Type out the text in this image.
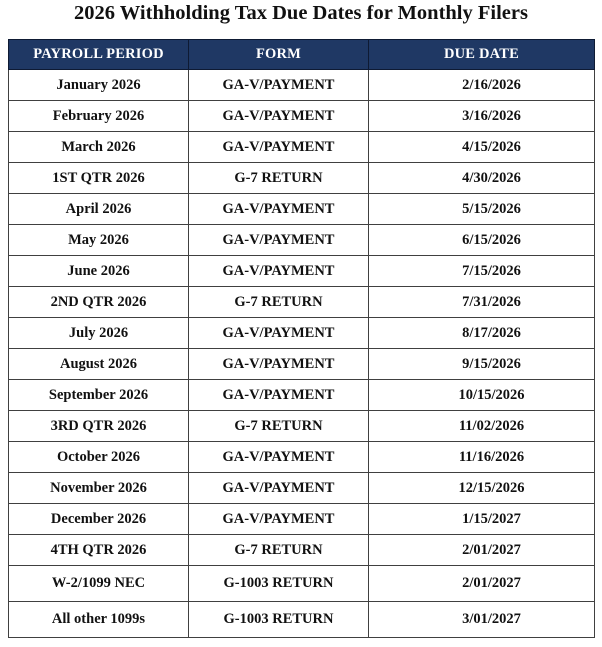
2026 Withholding Tax Due Dates for Monthly Filers
PAYROLL PERIOD	FORM	DUE DATE
January 2026	GA-V/PAYMENT	2/16/2026
February 2026	GA-V/PAYMENT	3/16/2026
March 2026	GA-V/PAYMENT	4/15/2026
1ST QTR 2026	G-7 RETURN	4/30/2026
April 2026	GA-V/PAYMENT	5/15/2026
May 2026	GA-V/PAYMENT	6/15/2026
June 2026	GA-V/PAYMENT	7/15/2026
2ND QTR 2026	G-7 RETURN	7/31/2026
July 2026	GA-V/PAYMENT	8/17/2026
August 2026	GA-V/PAYMENT	9/15/2026
September 2026	GA-V/PAYMENT	10/15/2026
3RD QTR 2026	G-7 RETURN	11/02/2026
October 2026	GA-V/PAYMENT	11/16/2026
November 2026	GA-V/PAYMENT	12/15/2026
December 2026	GA-V/PAYMENT	1/15/2027
4TH QTR 2026	G-7 RETURN	2/01/2027
W-2/1099 NEC	G-1003 RETURN	2/01/2027
All other 1099s	G-1003 RETURN	3/01/2027
